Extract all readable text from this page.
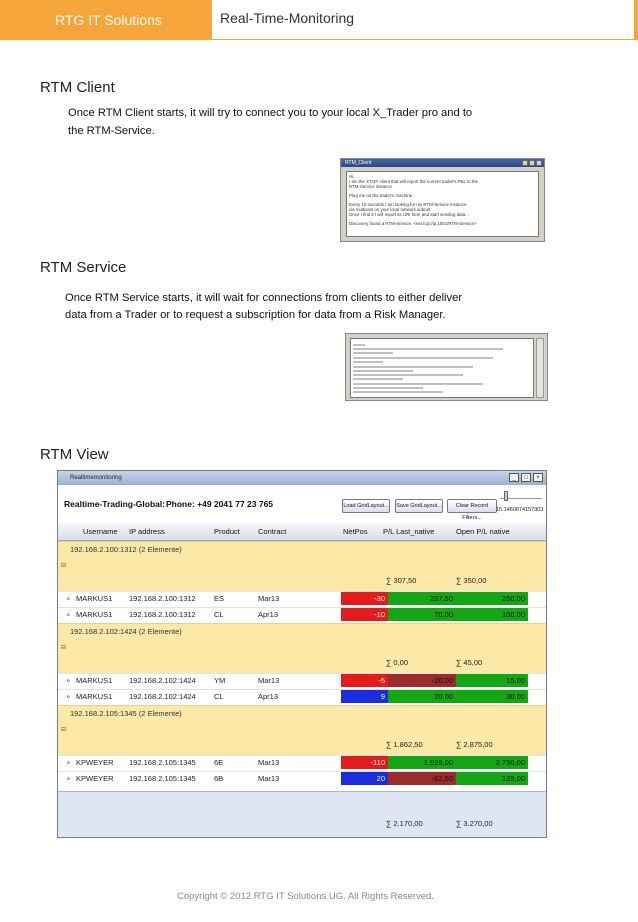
RTG IT Solutions	Real-Time-Monitoring
RTM Client
Once RTM Client starts, it will try to connect you to your local X_Trader pro and to
the RTM-Service.
RTM_Client
Hi,
I am the XTAPI client that will report the current trader's P&L to the
RTM-Service instance
Plug me on the trader's machine.
Every 10 seconds I am looking for my RTM-Service instance
via multicast on your local network subnet.
Once I find it I will report its URI here and start sending data...
Discovery found a RTM-Service: <net.tcp://ip:1001/RTM-Service>
RTM Service
Once RTM Service starts, it will wait for connections from clients to either deliver
data from a Trader or to request a subscription for data from a Risk Manager.
RTM View
Realtimemonitoring	_	□	×
Realtime-Trading-Global: Phone: +49 2041 77 23 765	Load GridLayout... Save GridLayout...	Clear Record Filters...
15.1460674157303
Username IP address	Product Contract	NetPos P/L Last_native	Open P/L native
192.168.2.100:1312 (2 Elemente)
⊟
∑ 307,50	∑ 350,00
∘ MARKUS1 192.168.2.100:1312 ES	Mar13	-30	237,50	250,00
∘ MARKUS1 192.168.2.100:1312 CL	Apr13	-10	70,00	100,00
192.168.2.102:1424 (2 Elemente)
⊟
∑ 0,00	∑ 45,00
∘ MARKUS1 192.168.2.102:1424 YM	Mar13	-5	-20,00	15,00
∘ MARKUS1 192.168.2.102:1424 CL	Apr13	9	20,00	30,00
192.168.2.105:1345 (2 Elemente)
⊟
∑ 1.862,50	∑ 2.875,00
∘ KPWEYER 192.168.2.105:1345 6E	Mar13	-110	1.925,00	2.750,00
∘ KPWEYER 192.168.2.105:1345 6B	Mar13	20	-62,50	125,00
∑ 2.170,00	∑ 3.270,00
Copyright © 2012 RTG IT Solutions UG. All Rights Reserved.
